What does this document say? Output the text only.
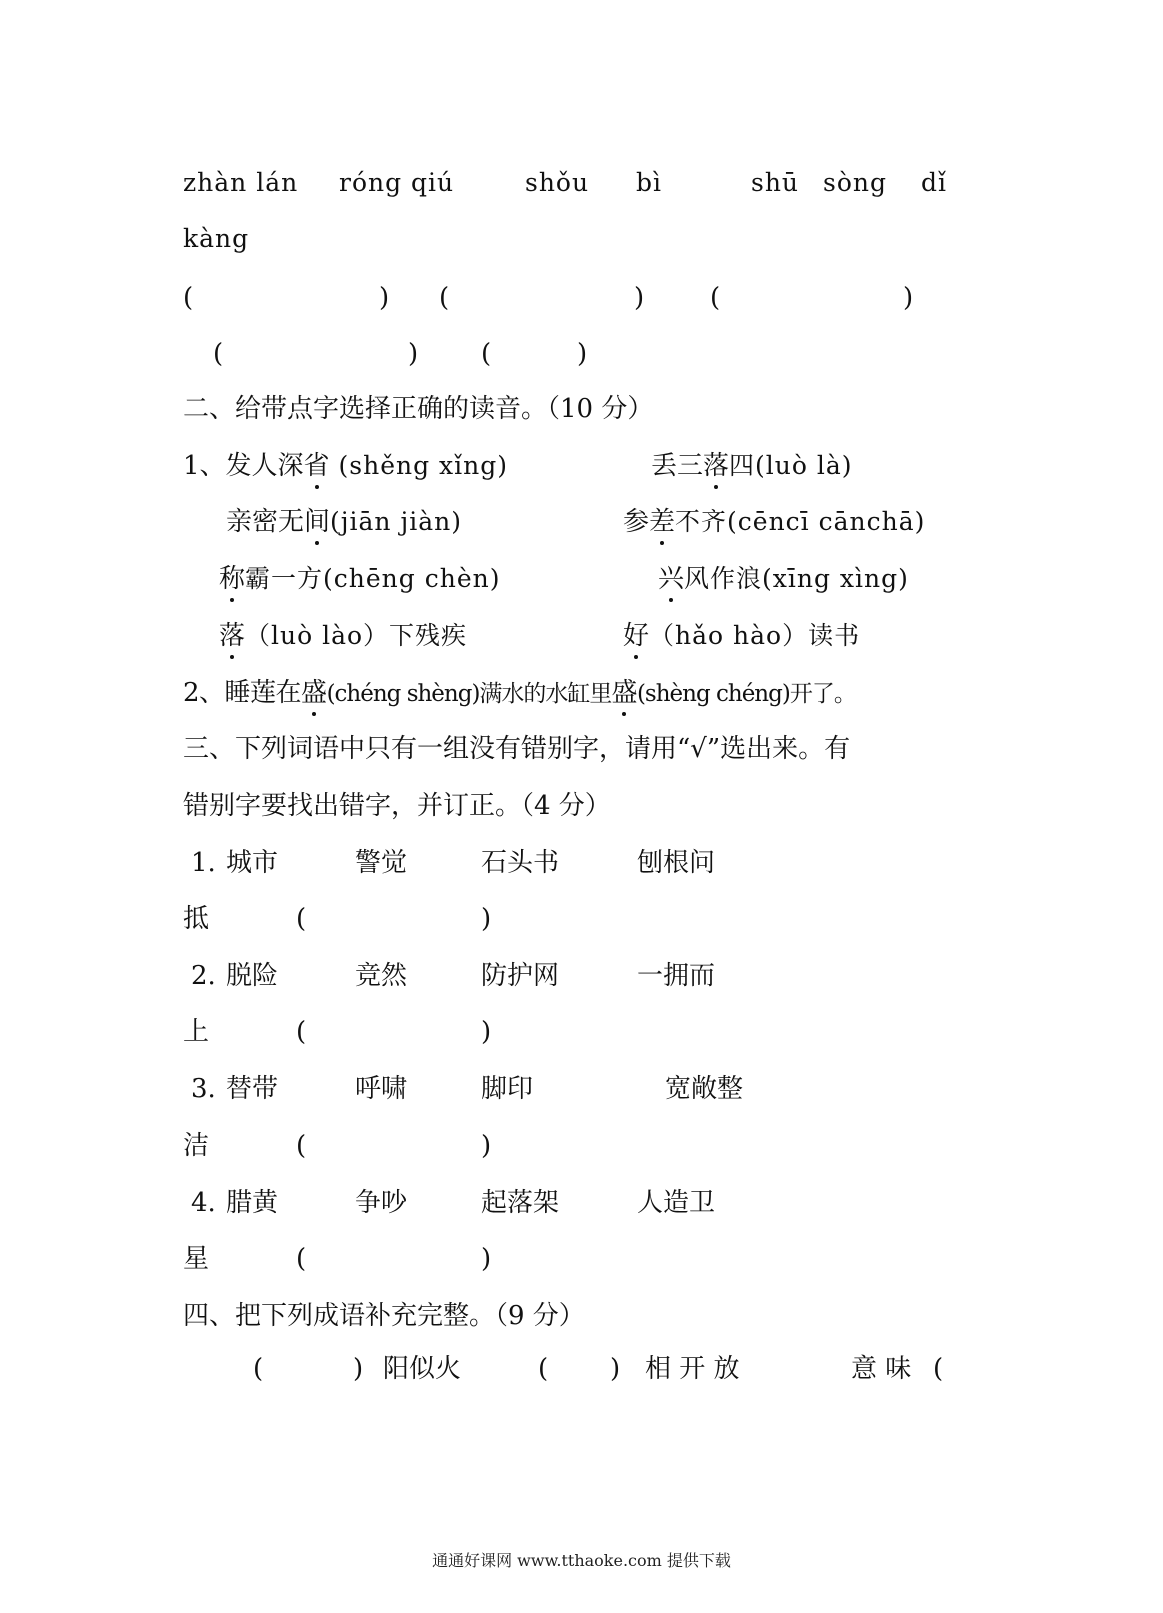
zhàn lán róng qiú	shǒu bì	shū sòng dǐ
kàng
(	) (	)	(	)
(	) (	)
二、给带点字选择正确的读音。（10 分）
1、发人深省 (shěng xǐng)	丢三落四(luò là)
亲密无间(jiān jiàn)	参差不齐(cēncī cānchā)
称霸一方(chēng chèn)	兴风作浪(xīng xìng)
落（luò lào）下残疾	好（hǎo hào）读书
2、睡莲在盛(chéng shèng)满水的水缸里盛(shèng chéng)开了。
三、下列词语中只有一组没有错别字，请用“√”选出来。有
错别字要找出错字，并订正。（4 分）
1. 城市	警觉	石头书	刨根问
抵	(	)
2. 脱险	竞然	防护网	一拥而
上	(	)
3. 替带	呼啸	脚印	宽敞整
洁	(	)
4. 腊黄	争吵	起落架	人造卫
星	(	)
四、把下列成语补充完整。（9 分）
(	) 阳似火	( ) 相 开 放	意 味 (
通通好课网 www.tthaoke.com 提供下载
